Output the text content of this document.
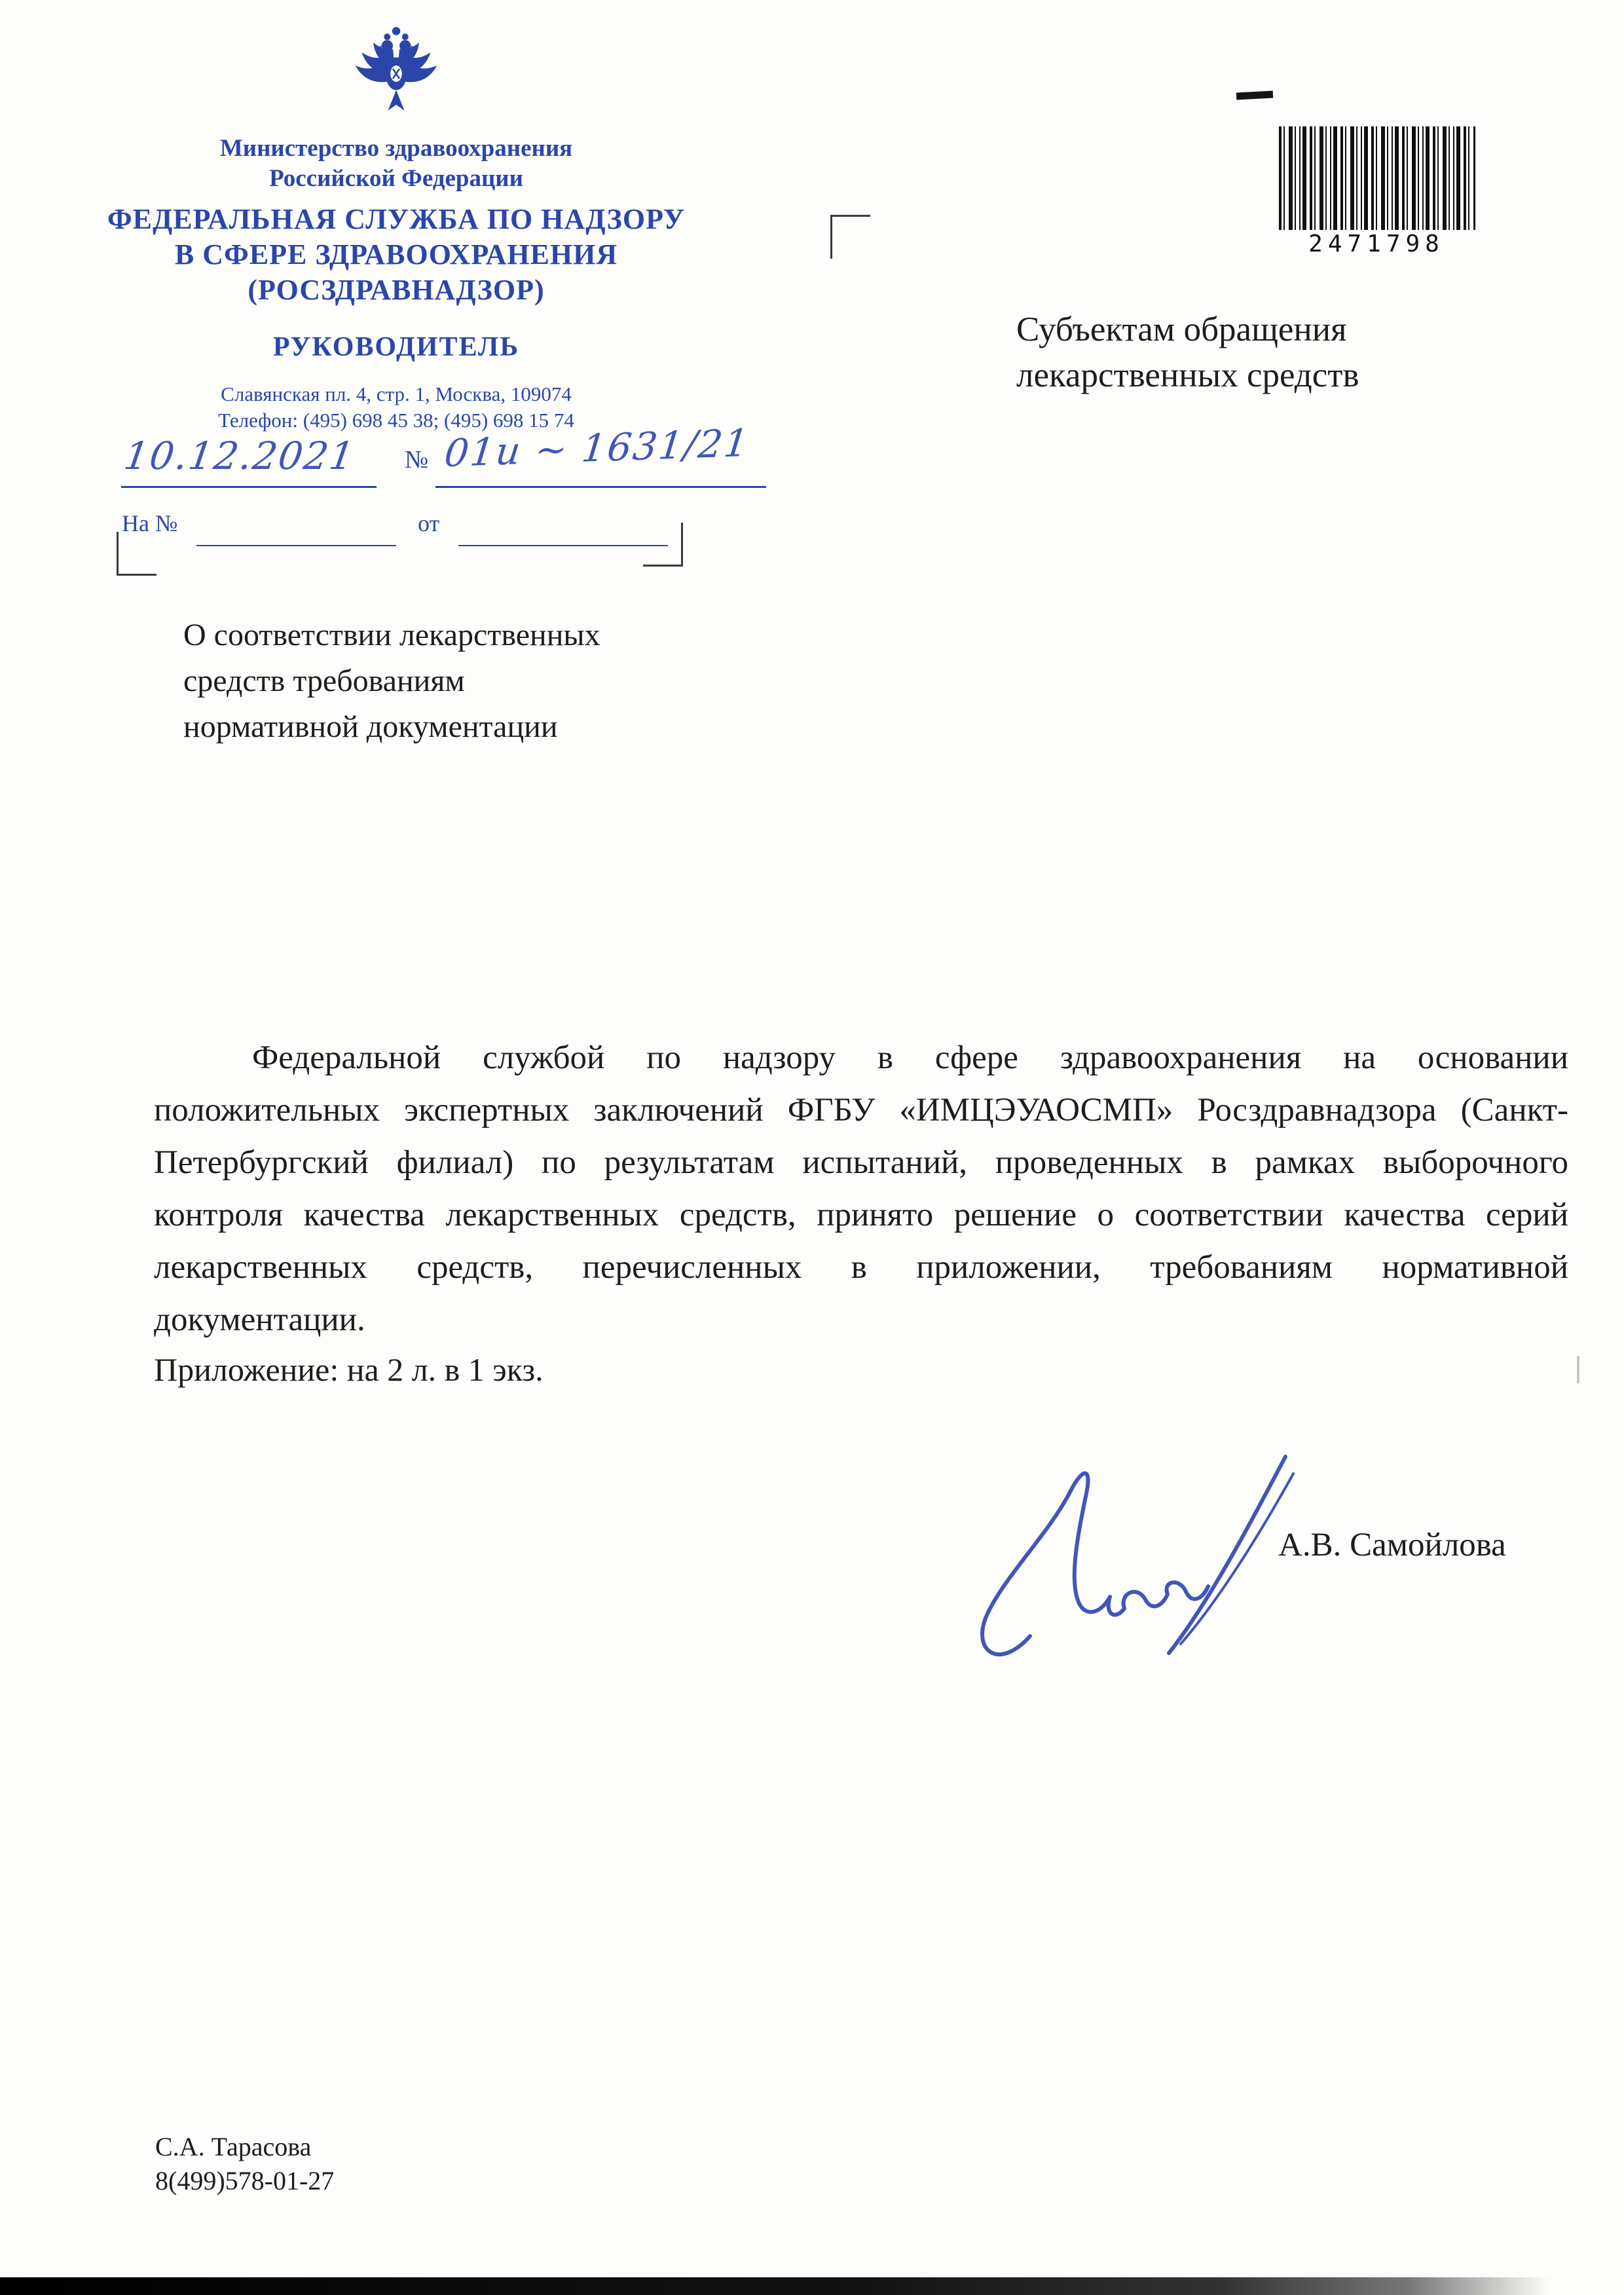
Министерство здравоохранения
Российской Федерации
ФЕДЕРАЛЬНАЯ СЛУЖБА ПО НАДЗОРУ
В СФЕРЕ ЗДРАВООХРАНЕНИЯ
(РОСЗДРАВНАДЗОР)
РУКОВОДИТЕЛЬ
Славянская пл. 4, стр. 1, Москва, 109074
Телефон: (495) 698 45 38; (495) 698 15 74
10.12.2021 № 01и ~ 1631/21
На №	от
2471798
Субъектам обращения
лекарственных средств
О соответствии лекарственных
средств требованиям
нормативной документации
Федеральной службой по надзору в сфере здравоохранения на основании положительных экспертных заключений ФГБУ «ИМЦЭУАОСМП» Росздравнадзора (Санкт-Петербургский филиал) по результатам испытаний, проведенных в рамках выборочного контроля качества лекарственных средств, принято решение о соответствии качества серий лекарственных средств, перечисленных в приложении, требованиям нормативной документации.
Приложение: на 2 л. в 1 экз.
А.В. Самойлова
С.А. Тарасова
8(499)578-01-27
